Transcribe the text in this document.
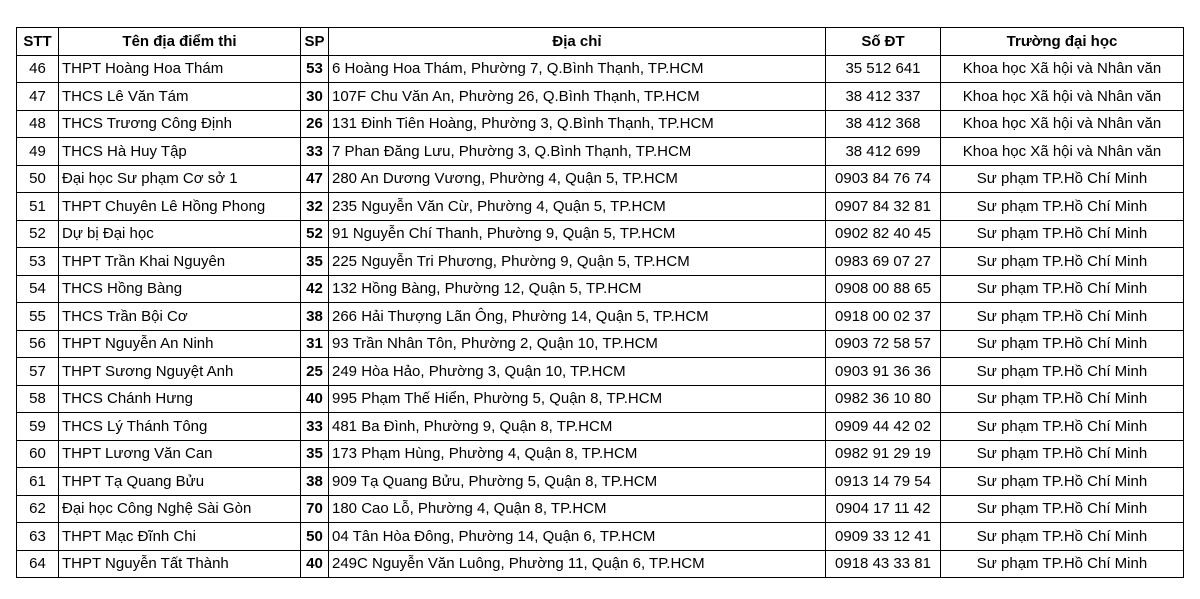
STT	Tên địa điểm thi	SP	Địa chỉ	Số ĐT	Trường đại học
46	THPT Hoàng Hoa Thám	53	6 Hoàng Hoa Thám, Phường 7, Q.Bình Thạnh, TP.HCM	35 512 641	Khoa học Xã hội và Nhân văn
47	THCS Lê Văn Tám	30	107F Chu Văn An, Phường 26, Q.Bình Thạnh, TP.HCM	38 412 337	Khoa học Xã hội và Nhân văn
48	THCS Trương Công Định	26	131 Đinh Tiên Hoàng, Phường 3, Q.Bình Thạnh, TP.HCM	38 412 368	Khoa học Xã hội và Nhân văn
49	THCS Hà Huy Tập	33	7 Phan Đăng Lưu, Phường 3, Q.Bình Thạnh, TP.HCM	38 412 699	Khoa học Xã hội và Nhân văn
50	Đại học Sư phạm Cơ sở 1	47	280 An Dương Vương, Phường 4, Quận 5, TP.HCM	0903 84 76 74	Sư phạm TP.Hồ Chí Minh
51	THPT Chuyên Lê Hồng Phong	32	235 Nguyễn Văn Cừ, Phường 4, Quận 5, TP.HCM	0907 84 32 81	Sư phạm TP.Hồ Chí Minh
52	Dự bị Đại học	52	91 Nguyễn Chí Thanh, Phường 9, Quận 5, TP.HCM	0902 82 40 45	Sư phạm TP.Hồ Chí Minh
53	THPT Trần Khai Nguyên	35	225 Nguyễn Tri Phương, Phường 9, Quận 5, TP.HCM	0983 69 07 27	Sư phạm TP.Hồ Chí Minh
54	THCS Hồng Bàng	42	132 Hồng Bàng, Phường 12, Quận 5, TP.HCM	0908 00 88 65	Sư phạm TP.Hồ Chí Minh
55	THCS Trần Bội Cơ	38	266 Hải Thượng Lãn Ông, Phường 14, Quận 5, TP.HCM	0918 00 02 37	Sư phạm TP.Hồ Chí Minh
56	THPT Nguyễn An Ninh	31	93 Trần Nhân Tôn, Phường 2, Quận 10, TP.HCM	0903 72 58 57	Sư phạm TP.Hồ Chí Minh
57	THPT Sương Nguyệt Anh	25	249 Hòa Hảo, Phường 3, Quận 10, TP.HCM	0903 91 36 36	Sư phạm TP.Hồ Chí Minh
58	THCS Chánh Hưng	40	995 Phạm Thế Hiển, Phường 5, Quận 8, TP.HCM	0982 36 10 80	Sư phạm TP.Hồ Chí Minh
59	THCS Lý Thánh Tông	33	481 Ba Đình, Phường 9, Quận 8, TP.HCM	0909 44 42 02	Sư phạm TP.Hồ Chí Minh
60	THPT Lương Văn Can	35	173 Phạm Hùng, Phường 4, Quận 8, TP.HCM	0982 91 29 19	Sư phạm TP.Hồ Chí Minh
61	THPT Tạ Quang Bửu	38	909 Tạ Quang Bửu, Phường 5, Quận 8, TP.HCM	0913 14 79 54	Sư phạm TP.Hồ Chí Minh
62	Đại học Công Nghệ Sài Gòn	70	180 Cao Lỗ, Phường 4, Quận 8, TP.HCM	0904 17 11 42	Sư phạm TP.Hồ Chí Minh
63	THPT Mạc Đĩnh Chi	50	04 Tân Hòa Đông, Phường 14, Quận 6, TP.HCM	0909 33 12 41	Sư phạm TP.Hồ Chí Minh
64	THPT Nguyễn Tất Thành	40	249C Nguyễn Văn Luông, Phường 11, Quận 6, TP.HCM	0918 43 33 81	Sư phạm TP.Hồ Chí Minh
